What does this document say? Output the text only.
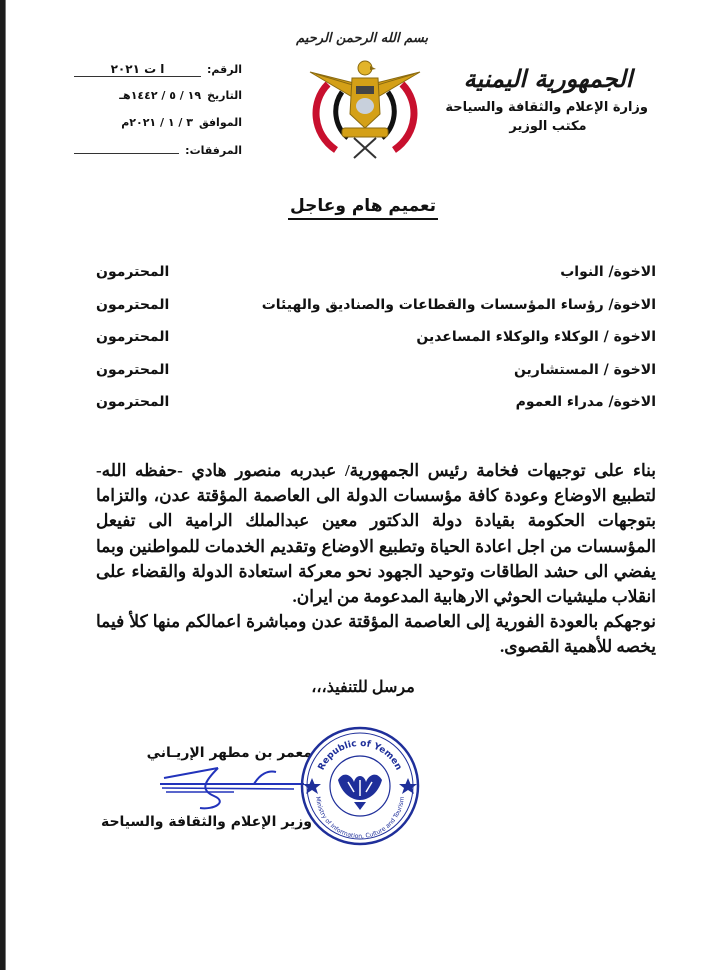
الجمهورية اليمنية
وزارة الإعلام والثقافة والسياحة
مكتب الوزير
بسم الله الرحمن الرحيم
الرقم:
ا ت ٢٠٢١
التاريخ
١٩ / ٥ / ١٤٤٢هـ
الموافق
٣ / ١ / ٢٠٢١م
المرفقات:
تعميم هام وعاجل
الاخوة/ النواب
المحترمون
الاخوة/ رؤساء المؤسسات والقطاعات والصناديق والهيئات
المحترمون
الاخوة / الوكلاء والوكلاء المساعدين
المحترمون
الاخوة / المستشارين
المحترمون
الاخوة/ مدراء العموم
المحترمون

بناء على توجيهات فخامة رئيس الجمهورية/ عبدربه منصور هادي -حفظه الله- لتطبيع الاوضاع وعودة كافة مؤسسات الدولة الى العاصمة المؤقتة عدن، والتزاما بتوجهات الحكومة بقيادة دولة الدكتور معين عبدالملك الرامية الى تفيعل المؤسسات من اجل اعادة الحياة وتطبيع الاوضاع وتقديم الخدمات للمواطنين وبما يفضي الى حشد الطاقات وتوحيد الجهود نحو معركة استعادة الدولة والقضاء على انقلاب مليشيات الحوثي الارهابية المدعومة من ايران.

نوجهكم بالعودة الفورية إلى العاصمة المؤقتة عدن ومباشرة اعمالكم منها كلأ فيما يخصه للأهمية القصوى.

مرسل للتنفيذ،،،
معمر بن مطهر الإريـاني
وزير الإعلام والثقافة والسياحة
Republic of Yemen
Ministry of Information, Culture and Tourism
